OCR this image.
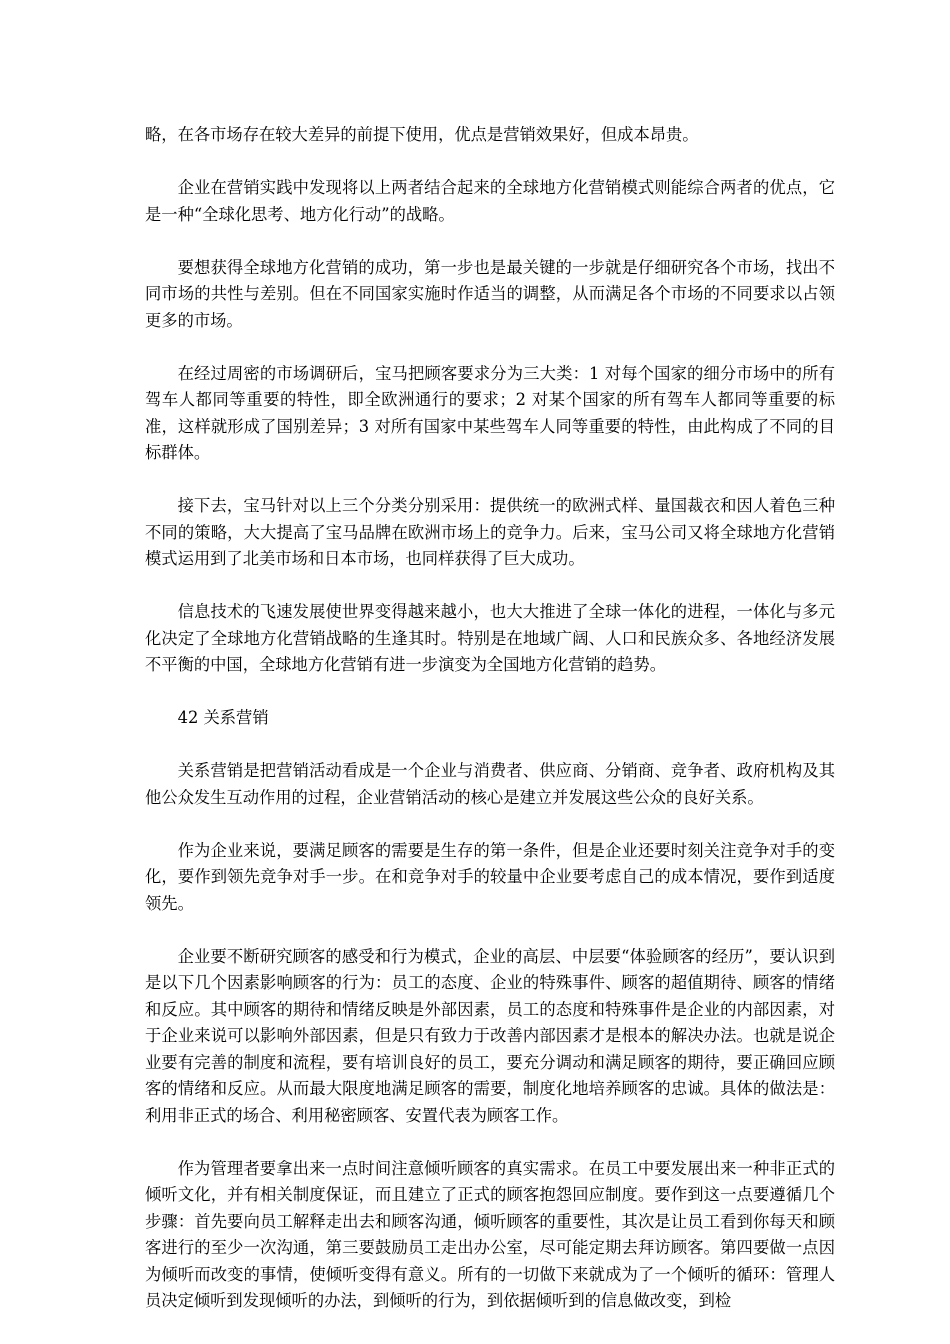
略，在各市场存在较大差异的前提下使用，优点是营销效果好，但成本昂贵。

企业在营销实践中发现将以上两者结合起来的全球地方化营销模式则能综合两者的优点，它是一种“全球化思考、地方化行动”的战略。

要想获得全球地方化营销的成功，第一步也是最关键的一步就是仔细研究各个市场，找出不同市场的共性与差别。但在不同国家实施时作适当的调整，从而满足各个市场的不同要求以占领更多的市场。

在经过周密的市场调研后，宝马把顾客要求分为三大类：1 对每个国家的细分市场中的所有驾车人都同等重要的特性，即全欧洲通行的要求；2 对某个国家的所有驾车人都同等重要的标准，这样就形成了国别差异；3 对所有国家中某些驾车人同等重要的特性，由此构成了不同的目标群体。

接下去，宝马针对以上三个分类分别采用：提供统一的欧洲式样、量国裁衣和因人着色三种不同的策略，大大提高了宝马品牌在欧洲市场上的竞争力。后来，宝马公司又将全球地方化营销模式运用到了北美市场和日本市场，也同样获得了巨大成功。

信息技术的飞速发展使世界变得越来越小，也大大推进了全球一体化的进程，一体化与多元化决定了全球地方化营销战略的生逢其时。特别是在地域广阔、人口和民族众多、各地经济发展不平衡的中国，全球地方化营销有进一步演变为全国地方化营销的趋势。

42 关系营销

关系营销是把营销活动看成是一个企业与消费者、供应商、分销商、竞争者、政府机构及其他公众发生互动作用的过程，企业营销活动的核心是建立并发展这些公众的良好关系。

作为企业来说，要满足顾客的需要是生存的第一条件，但是企业还要时刻关注竞争对手的变化，要作到领先竞争对手一步。在和竞争对手的较量中企业要考虑自己的成本情况，要作到适度领先。

企业要不断研究顾客的感受和行为模式，企业的高层、中层要“体验顾客的经历”，要认识到是以下几个因素影响顾客的行为：员工的态度、企业的特殊事件、顾客的超值期待、顾客的情绪和反应。其中顾客的期待和情绪反映是外部因素，员工的态度和特殊事件是企业的内部因素，对于企业来说可以影响外部因素，但是只有致力于改善内部因素才是根本的解决办法。也就是说企业要有完善的制度和流程，要有培训良好的员工，要充分调动和满足顾客的期待，要正确回应顾客的情绪和反应。从而最大限度地满足顾客的需要，制度化地培养顾客的忠诚。具体的做法是：利用非正式的场合、利用秘密顾客、安置代表为顾客工作。

作为管理者要拿出来一点时间注意倾听顾客的真实需求。在员工中要发展出来一种非正式的倾听文化，并有相关制度保证，而且建立了正式的顾客抱怨回应制度。要作到这一点要遵循几个步骤：首先要向员工解释走出去和顾客沟通，倾听顾客的重要性，其次是让员工看到你每天和顾客进行的至少一次沟通，第三要鼓励员工走出办公室，尽可能定期去拜访顾客。第四要做一点因为倾听而改变的事情，使倾听变得有意义。所有的一切做下来就成为了一个倾听的循环：管理人员决定倾听到发现倾听的办法，到倾听的行为，到依据倾听到的信息做改变，到检
